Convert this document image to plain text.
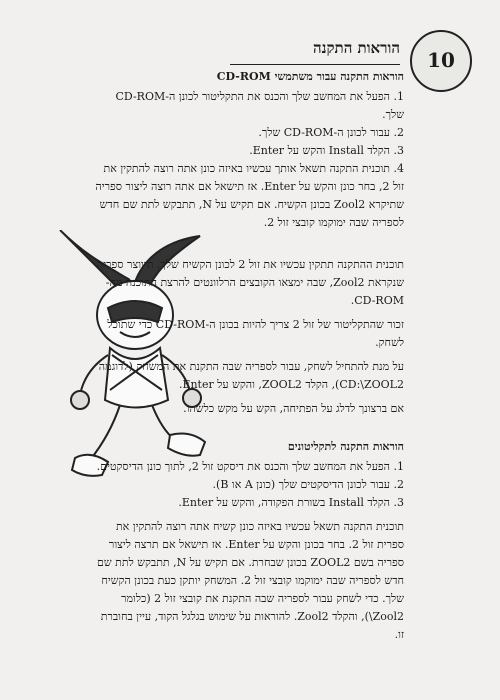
הוראות התקנה	10
הוראות התקנה עבור משתמשי CD-ROM

1. הפעל את המחשב שלך והכנס את התקליטור לכונן ה-CD-ROM שלך.

2. עבור לכונן ה-CD-ROM שלך.

3. הקלד Install והקש על Enter.

4. תוכנית התקנה תשאל אותך עכשיו באיזה כונן אתה רוצה להתקין את זול 2, בחר כונן והקש על Enter. אז תישאל אם אתה רוצה ליצור ספריה שתיקרא Zool2 בכונן הקשיח. אם תקיש על N, תתבקש לתת שם חדש לספריה שבה ימוקמו קובצי זול 2.

תוכנית ההתקנה תתקין עכשיו את זול 2 לכונן הקשיח שלך. תיווצר ספריה שנקראת Zool2, שבה ימצאו הקובצים הרלוונטים להרצת התוכנה מה-CD-ROM.

זכור שהתקליטור של זול 2 צריך להיות בכונן ה-CD-ROM כדי שתוכל לשחק.

על מנת להתחיל לשחק, עבור לספריה שבה התקנת את המשחק (לדוגמה CD:\ZOOL2), הקלד ZOOL2, והקש על Enter.

אם ברצונך לדלג על הפתיחה, הקש על מקש כלשהו.

הוראות התקנה לתקליטונים

1. הפעל את המחשב שלך והכנס את דיסקט זול 2, לתוך כונן הדיסקטים.

2. עבור לכונן הדיסקטים שלך (כונן A או B).

3. הקלד Install בשורת הפקודה, והקש על Enter.

תוכנית התקנה תשאל עכשיו באיזה כונן קשיח אתה רוצה להתקין את ספרית זול 2. בחר בכונן והקש על Enter. אז תישאל אם תרצה ליצור ספריה בשם ZOOL2 בכונן שבחרת. אם תקיש על N, תתבקש לתת שם חדש לספריה שבה ימוקמו קובצי זול 2. המשחק יותקן כעת בכונן הקשיח שלך. כדי לשחק עבור לספריה שבה התקנת את קובצי זול 2 (כלומר Zool2\), והקלד Zool2. להוראות על שימוש בגלגל הקוד, עיין בחוברת זו.
